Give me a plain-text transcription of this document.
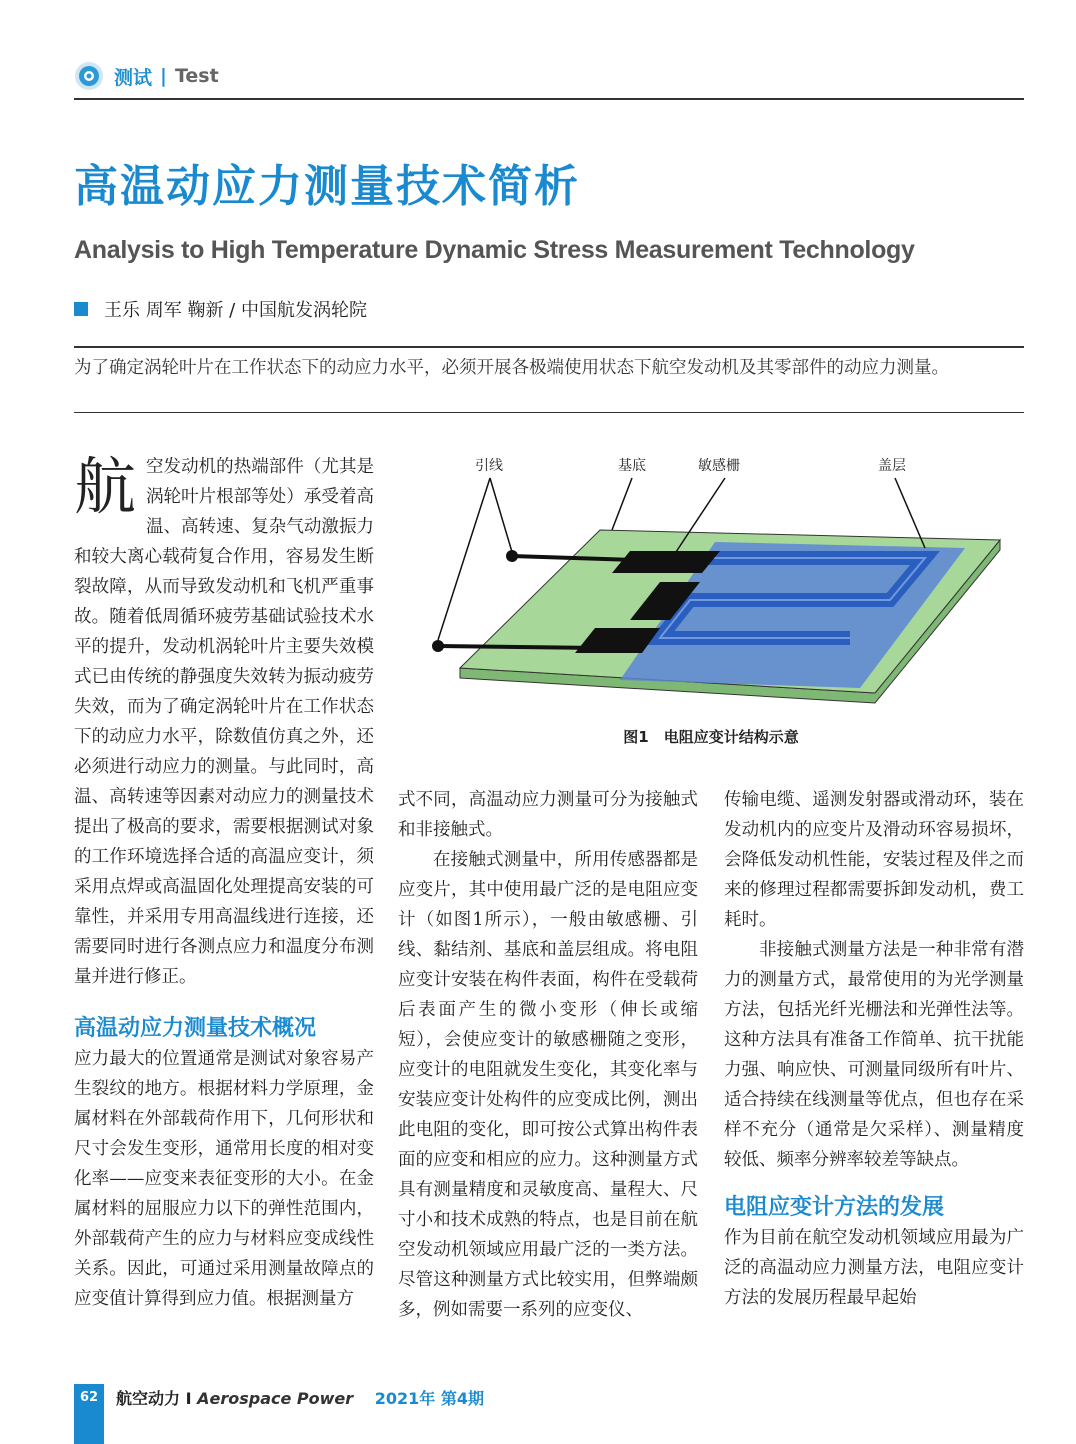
测试 | Test
高温动应力测量技术简析
Analysis to High Temperature Dynamic Stress Measurement Technology
王乐 周军 鞠新 / 中国航发涡轮院
为了确定涡轮叶片在工作状态下的动应力水平，必须开展各极端使用状态下航空发动机及其零部件的动应力测量。
航 空发动机的热端部件（尤其是涡轮叶片根部等处）承受着高温、高转速、复杂气动激振力和较大离心载荷复合作用，容易发生断裂故障，从而导致发动机和飞机严重事故。随着低周循环疲劳基础试验技术水平的提升，发动机涡轮叶片主要失效模式已由传统的静强度失效转为振动疲劳失效，而为了确定涡轮叶片在工作状态下的动应力水平，除数值仿真之外，还必须进行动应力的测量。与此同时，高温、高转速等因素对动应力的测量技术提出了极高的要求，需要根据测试对象的工作环境选择合适的高温应变计，须采用点焊或高温固化处理提高安装的可靠性，并采用专用高温线进行连接，还需要同时进行各测点应力和温度分布测量并进行修正。

高温动应力测量技术概况

应力最大的位置通常是测试对象容易产生裂纹的地方。根据材料力学原理，金属材料在外部载荷作用下，几何形状和尺寸会发生变形，通常用长度的相对变化率——应变来表征变形的大小。在金属材料的屈服应力以下的弹性范围内，外部载荷产生的应力与材料应变成线性关系。因此，可通过采用测量故障点的应变值计算得到应力值。根据测量方

引线	基底	敏感栅	盖层
图1　电阻应变计结构示意

式不同，高温动应力测量可分为接触式和非接触式。

在接触式测量中，所用传感器都是应变片，其中使用最广泛的是电阻应变计（如图1所示），一般由敏感栅、引线、黏结剂、基底和盖层组成。将电阻应变计安装在构件表面，构件在受载荷后表面产生的微小变形（伸长或缩短），会使应变计的敏感栅随之变形，应变计的电阻就发生变化，其变化率与安装应变计处构件的应变成比例，测出此电阻的变化，即可按公式算出构件表面的应变和相应的应力。这种测量方式具有测量精度和灵敏度高、量程大、尺寸小和技术成熟的特点，也是目前在航空发动机领域应用最广泛的一类方法。尽管这种测量方式比较实用，但弊端颇多，例如需要一系列的应变仪、

传输电缆、遥测发射器或滑动环，装在发动机内的应变片及滑动环容易损坏，会降低发动机性能，安装过程及伴之而来的修理过程都需要拆卸发动机，费工耗时。

非接触式测量方法是一种非常有潜力的测量方式，最常使用的为光学测量方法，包括光纤光栅法和光弹性法等。这种方法具有准备工作简单、抗干扰能力强、响应快、可测量同级所有叶片、适合持续在线测量等优点，但也存在采样不充分（通常是欠采样）、测量精度较低、频率分辨率较差等缺点。

电阻应变计方法的发展

作为目前在航空发动机领域应用最为广泛的高温动应力测量方法，电阻应变计方法的发展历程最早起始

62	航空动力 I Aerospace Power 2021年 第4期
